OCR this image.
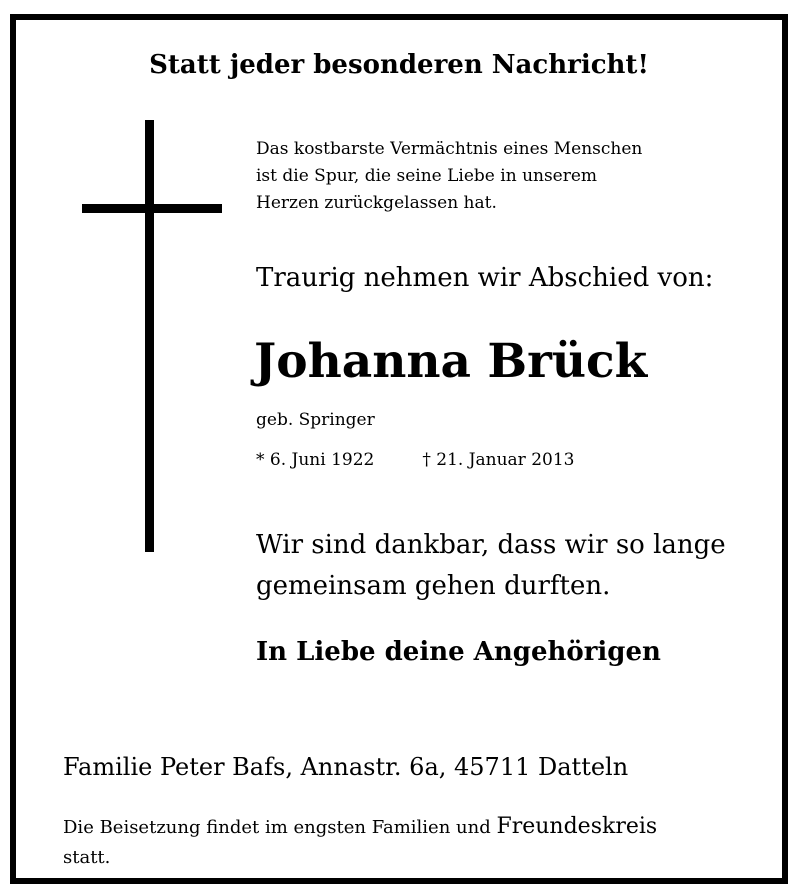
Statt jeder besonderen Nachricht!
Das kostbarste Vermächtnis eines Menschen
ist die Spur, die seine Liebe in unserem
Herzen zurückgelassen hat.
Traurig nehmen wir Abschied von:
Johanna Brück
geb. Springer
* 6. Juni 1922	† 21. Januar 2013
Wir sind dankbar, dass wir so lange
gemeinsam gehen durften.
In Liebe deine Angehörigen
Familie Peter Bafs, Annastr. 6a, 45711 Datteln
Die Beisetzung findet im engsten Familien und Freundeskreis
statt.
